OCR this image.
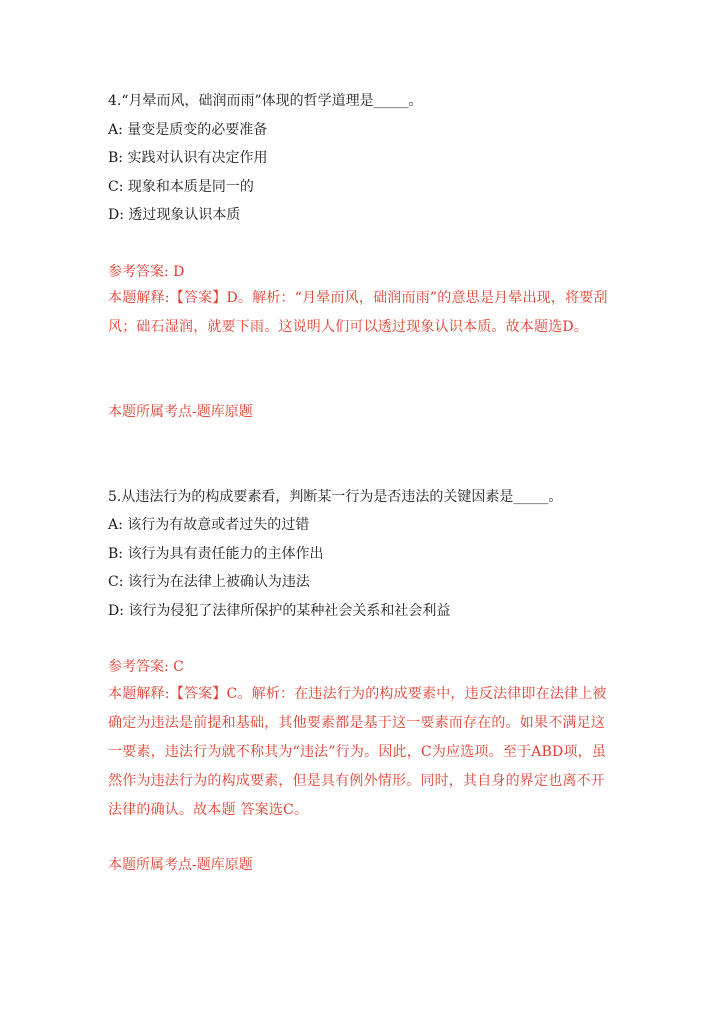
4.“月晕而风，础润而雨”体现的哲学道理是_____。
A: 量变是质变的必要准备
B: 实践对认识有决定作用
C: 现象和本质是同一的
D: 透过现象认识本质
参考答案: D
本题解释:【答案】D。解析：“月晕而风，础润而雨”的意思是月晕出现，将要刮风；础石湿润，就要下雨。这说明人们可以透过现象认识本质。故本题选D。
本题所属考点-题库原题
5.从违法行为的构成要素看，判断某一行为是否违法的关键因素是_____。
A: 该行为有故意或者过失的过错
B: 该行为具有责任能力的主体作出
C: 该行为在法律上被确认为违法
D: 该行为侵犯了法律所保护的某种社会关系和社会利益
参考答案: C
本题解释:【答案】C。解析：在违法行为的构成要素中，违反法律即在法律上被确定为违法是前提和基础，其他要素都是基于这一要素而存在的。如果不满足这一要素，违法行为就不称其为“违法”行为。因此，C为应选项。至于ABD项，虽然作为违法行为的构成要素，但是具有例外情形。同时，其自身的界定也离不开法律的确认。故本题 答案选C。
本题所属考点-题库原题
